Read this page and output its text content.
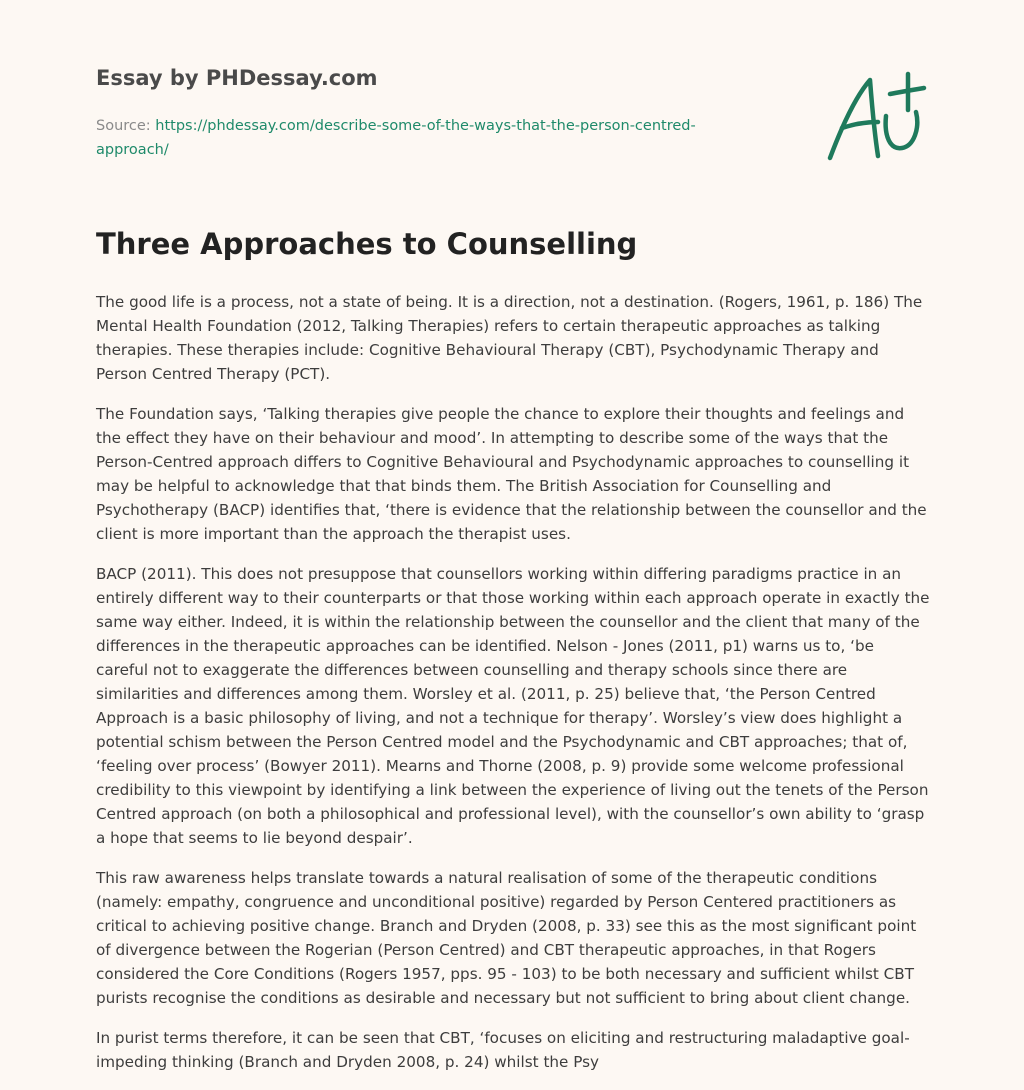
Essay by PHDessay.com
Source: https://phdessay.com/describe-some-of-the-ways-that-the-person-centred-approach/
Three Approaches to Counselling

The good life is a process, not a state of being. It is a direction, not a destination. (Rogers, 1961, p. 186) The Mental Health Foundation (2012, Talking Therapies) refers to certain therapeutic approaches as talking therapies. These therapies include: Cognitive Behavioural Therapy (CBT), Psychodynamic Therapy and Person Centred Therapy (PCT).

The Foundation says, ‘Talking therapies give people the chance to explore their thoughts and feelings and the effect they have on their behaviour and mood’. In attempting to describe some of the ways that the Person-Centred approach differs to Cognitive Behavioural and Psychodynamic approaches to counselling it may be helpful to acknowledge that that binds them. The British Association for Counselling and Psychotherapy (BACP) identifies that, ‘there is evidence that the relationship between the counsellor and the client is more important than the approach the therapist uses.

BACP (2011). This does not presuppose that counsellors working within differing paradigms practice in an entirely different way to their counterparts or that those working within each approach operate in exactly the same way either. Indeed, it is within the relationship between the counsellor and the client that many of the differences in the therapeutic approaches can be identified. Nelson - Jones (2011, p1) warns us to, ‘be careful not to exaggerate the differences between counselling and therapy schools since there are similarities and differences among them. Worsley et al. (2011, p. 25) believe that, ‘the Person Centred Approach is a basic philosophy of living, and not a technique for therapy’. Worsley’s view does highlight a potential schism between the Person Centred model and the Psychodynamic and CBT approaches; that of, ‘feeling over process’ (Bowyer 2011). Mearns and Thorne (2008, p. 9) provide some welcome professional credibility to this viewpoint by identifying a link between the experience of living out the tenets of the Person Centred approach (on both a philosophical and professional level), with the counsellor’s own ability to ‘grasp a hope that seems to lie beyond despair’.

This raw awareness helps translate towards a natural realisation of some of the therapeutic conditions (namely: empathy, congruence and unconditional positive) regarded by Person Centered practitioners as critical to achieving positive change. Branch and Dryden (2008, p. 33) see this as the most significant point of divergence between the Rogerian (Person Centred) and CBT therapeutic approaches, in that Rogers considered the Core Conditions (Rogers 1957, pps. 95 - 103) to be both necessary and sufficient whilst CBT purists recognise the conditions as desirable and necessary but not sufficient to bring about client change.

In purist terms therefore, it can be seen that CBT, ‘focuses on eliciting and restructuring maladaptive goal-impeding thinking (Branch and Dryden 2008, p. 24) whilst the Psy
